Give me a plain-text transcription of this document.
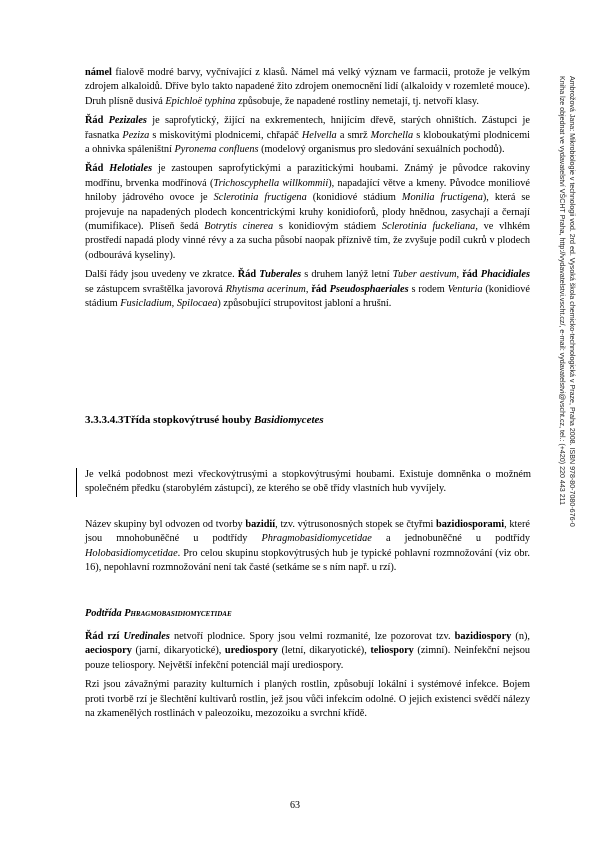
Ambrožová Jana: Mikrobiologie v technologii vod. 2rd ed. Vysoká škola chemicko-technologická v Praze, Praha 2008. ISBN 978-80-7080-676-0
Kniha lze objednat ve vydavatelství VŠCHT Praha, http://vydavatelstvi.vscht.cz/, e-mail: vydavatelstvi@vscht.cz, tel.: (+420) 220 443 211

námel fialově modré barvy, vyčnívající z klasů. Námel má velký význam ve farmacii, protože je velkým zdrojem alkaloidů. Dříve bylo takto napadené žito zdrojem onemocnění lidí (alkaloidy v rozemleté mouce). Druh plísně dusivá Epichloë typhina způsobuje, že napadené rostliny nemetají, tj. netvoří klasy.

Řád Pezizales je saprofytický, žijící na exkrementech, hnijícím dřevě, starých ohništích. Zástupci je řasnatka Peziza s miskovitými plodnicemi, chřapáč Helvella a smrž Morchella s kloboukatými plodnicemi a ohnivka spáleništní Pyronema confluens (modelový organismus pro sledování sexuálních pochodů).

Řád Helotiales je zastoupen saprofytickými a parazitickými houbami. Známý je původce rakoviny modřínu, brvenka modřínová (Trichoscyphella willkommii), napadající větve a kmeny. Původce moniliové hniloby jádrového ovoce je Sclerotinia fructigena (konidiové stádium Monilia fructigena), která se projevuje na napadených plodech koncentrickými kruhy konidioforů, plody hnědnou, zasychají a černají (mumifikace). Plíseň šedá Botrytis cinerea s konidiovým stádiem Sclerotinia fuckeliana, ve vlhkém prostředí napadá plody vinné révy a za sucha působí naopak příznivě tím, že zvyšuje podíl cukrů v plodech (odbourává kyseliny).

Další řády jsou uvedeny ve zkratce. Řád Tuberales s druhem lanýž letní Tuber aestivum, řád Phacidiales se zástupcem svraštělka javorová Rhytisma acerinum, řád Pseudosphaeriales s rodem Venturia (konidiové stádium Fusicladium, Spilocaea) způsobující strupovitost jabloní a hrušní.

3.3.3.4.3Třída stopkovýtrusé houby Basidiomycetes

Je velká podobnost mezi vřeckovýtrusými a stopkovýtrusými houbami. Existuje domněnka o možném společném předku (starobylém zástupci), ze kterého se obě třídy vlastních hub vyvíjely.

Název skupiny byl odvozen od tvorby bazidií, tzv. výtrusonosných stopek se čtyřmi bazidiosporami, které jsou mnohobuněčné u podtřídy Phragmobasidiomycetidae a jednobuněčné u podtřídy Holobasidiomycetidae. Pro celou skupinu stopkovýtrusých hub je typické pohlavní rozmnožování (viz obr. 16), nepohlavní rozmnožování není tak časté (setkáme se s ním např. u rzí).

Podtřída Phragmobasidiomycetidae

Řád rzí Uredinales netvoří plodnice. Spory jsou velmi rozmanité, lze pozorovat tzv. bazidiospory (n), aeciospory (jarní, dikaryotické), urediospory (letní, dikaryotické), teliospory (zimní). Neinfekční nejsou pouze teliospory. Největší infekční potenciál mají urediospory.

Rzi jsou závažnými parazity kulturních i planých rostlin, způsobují lokální i systémové infekce. Bojem proti tvorbě rzí je šlechtění kultivarů rostlin, jež jsou vůči infekcím odolné. O jejich existenci svědčí nálezy na zkamenělých rostlinách v paleozoiku, mezozoiku a svrchní křídě.

63
